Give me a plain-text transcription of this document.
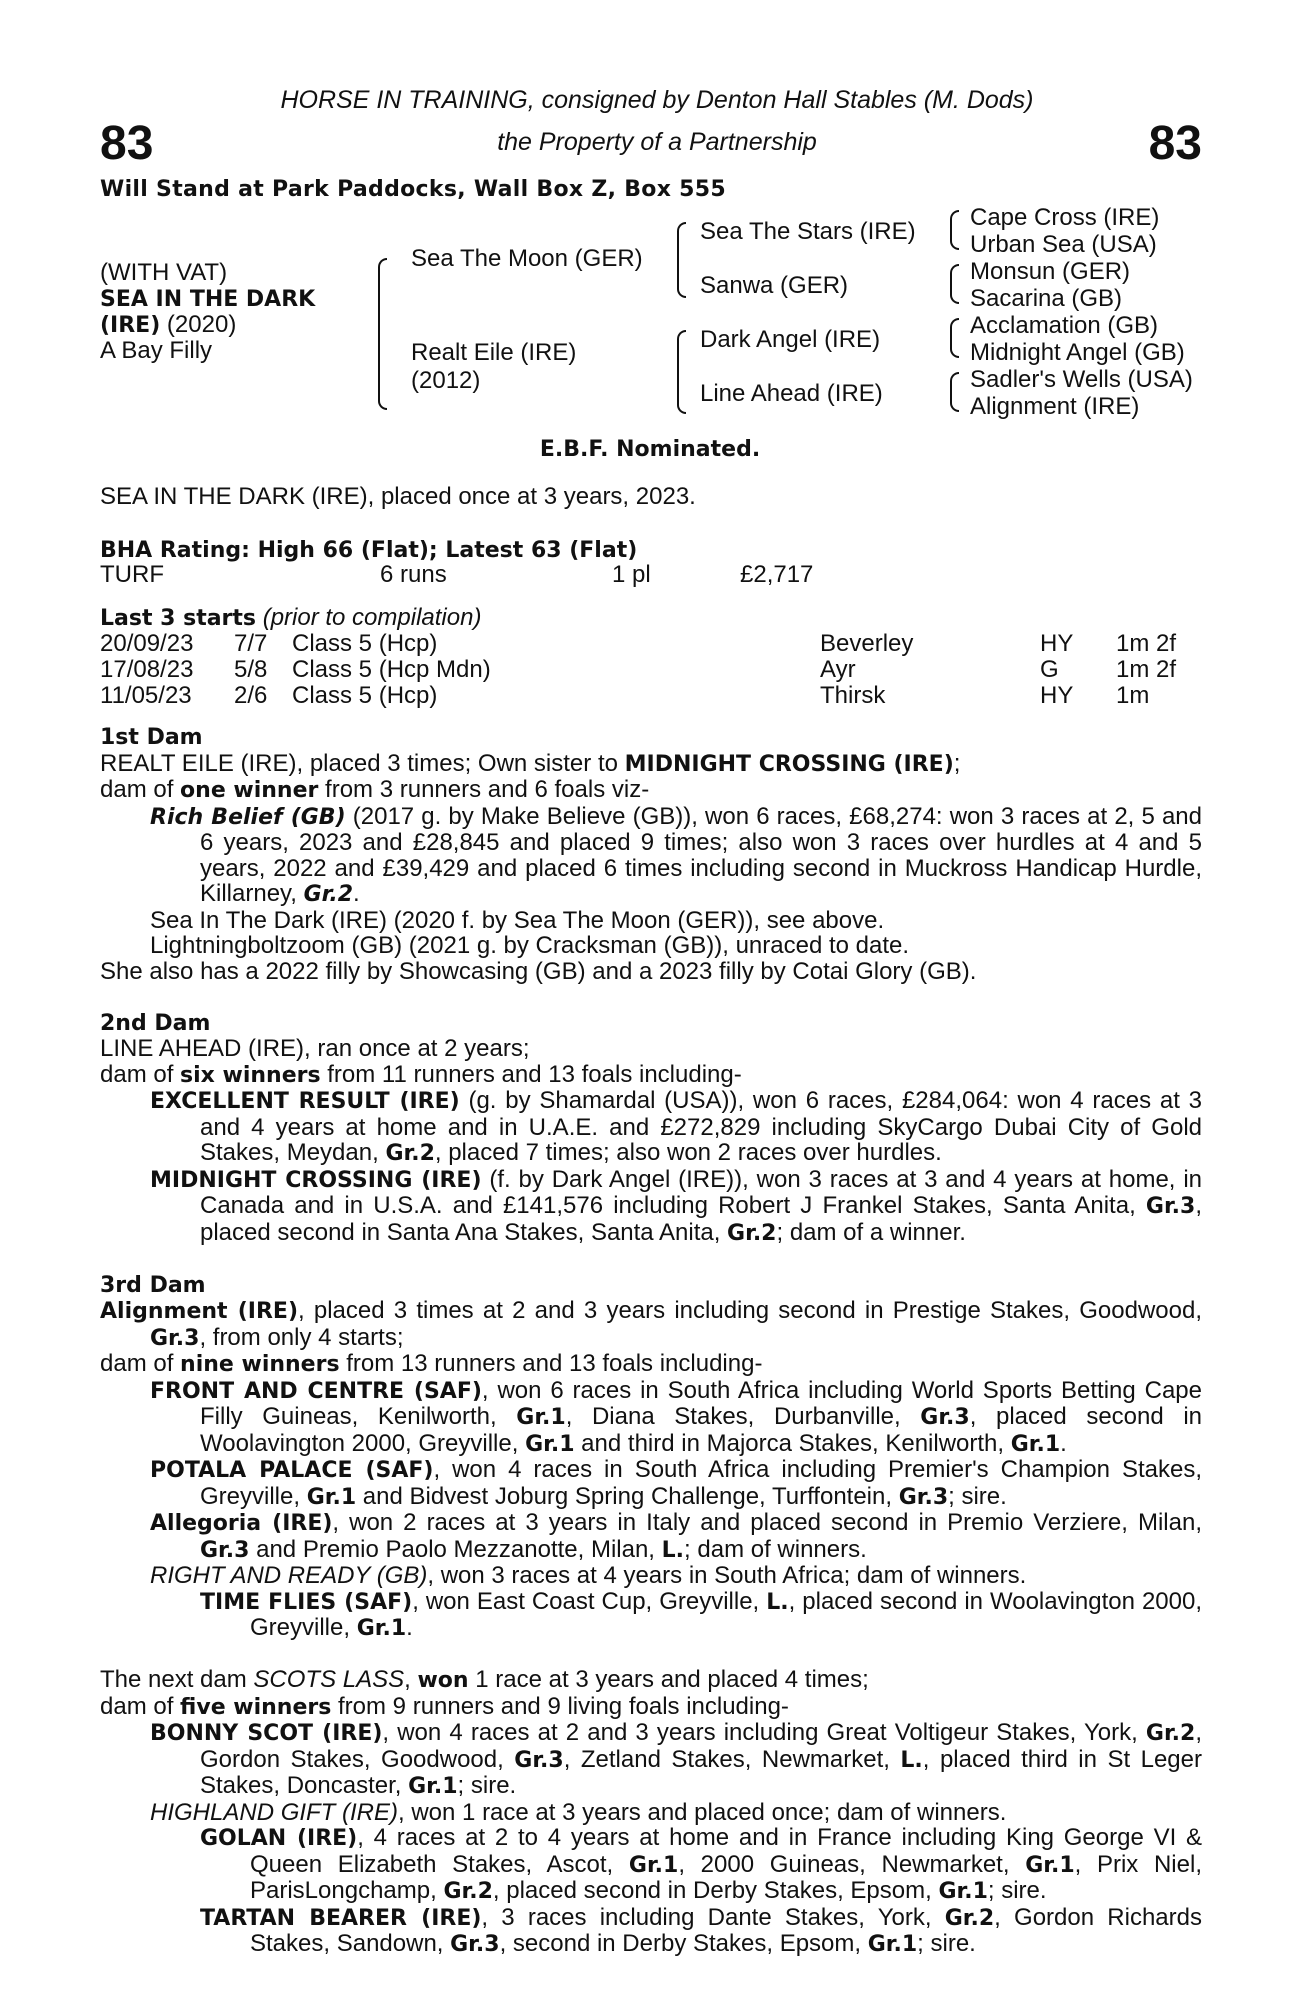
83	83
HORSE IN TRAINING, consigned by Denton Hall Stables (M. Dods)
the Property of a Partnership
Will Stand at Park Paddocks, Wall Box Z, Box 555
(WITH VAT)
SEA IN THE DARK
(IRE) (2020)
A Bay Filly
Sea The Moon (GER)
Realt Eile (IRE)
(2012)
Sea The Stars (IRE)
Sanwa (GER)
Dark Angel (IRE)
Line Ahead (IRE)
Cape Cross (IRE)
Urban Sea (USA)
Monsun (GER)
Sacarina (GB)
Acclamation (GB)
Midnight Angel (GB)
Sadler's Wells (USA)
Alignment (IRE)
E.B.F. Nominated.
SEA IN THE DARK (IRE), placed once at 3 years, 2023.
BHA Rating: High 66 (Flat); Latest 63 (Flat)
TURF	6 runs	1 pl	£2,717
Last 3 starts (prior to compilation)
20/09/23 7/7 Class 5 (Hcp)	Beverley	HY 1m 2f
17/08/23 5/8 Class 5 (Hcp Mdn)	Ayr	G 1m 2f
11/05/23 2/6 Class 5 (Hcp)	Thirsk	HY 1m
1st Dam
REALT EILE (IRE), placed 3 times; Own sister to MIDNIGHT CROSSING (IRE);
dam of one winner from 3 runners and 6 foals viz-
Rich Belief (GB) (2017 g. by Make Believe (GB)), won 6 races, £68,274: won 3 races at 2, 5 and 6 years, 2023 and £28,845 and placed 9 times; also won 3 races over hurdles at 4 and 5 years, 2022 and £39,429 and placed 6 times including second in Muckross Handicap Hurdle, Killarney, Gr.2.
Sea In The Dark (IRE) (2020 f. by Sea The Moon (GER)), see above.
Lightningboltzoom (GB) (2021 g. by Cracksman (GB)), unraced to date.
She also has a 2022 filly by Showcasing (GB) and a 2023 filly by Cotai Glory (GB).
2nd Dam
LINE AHEAD (IRE), ran once at 2 years;
dam of six winners from 11 runners and 13 foals including-
EXCELLENT RESULT (IRE) (g. by Shamardal (USA)), won 6 races, £284,064: won 4 races at 3 and 4 years at home and in U.A.E. and £272,829 including SkyCargo Dubai City of Gold Stakes, Meydan, Gr.2, placed 7 times; also won 2 races over hurdles.
MIDNIGHT CROSSING (IRE) (f. by Dark Angel (IRE)), won 3 races at 3 and 4 years at home, in Canada and in U.S.A. and £141,576 including Robert J Frankel Stakes, Santa Anita, Gr.3, placed second in Santa Ana Stakes, Santa Anita, Gr.2; dam of a winner.
3rd Dam
Alignment (IRE), placed 3 times at 2 and 3 years including second in Prestige Stakes, Goodwood, Gr.3, from only 4 starts;
dam of nine winners from 13 runners and 13 foals including-
FRONT AND CENTRE (SAF), won 6 races in South Africa including World Sports Betting Cape Filly Guineas, Kenilworth, Gr.1, Diana Stakes, Durbanville, Gr.3, placed second in Woolavington 2000, Greyville, Gr.1 and third in Majorca Stakes, Kenilworth, Gr.1.
POTALA PALACE (SAF), won 4 races in South Africa including Premier's Champion Stakes, Greyville, Gr.1 and Bidvest Joburg Spring Challenge, Turffontein, Gr.3; sire.
Allegoria (IRE), won 2 races at 3 years in Italy and placed second in Premio Verziere, Milan, Gr.3 and Premio Paolo Mezzanotte, Milan, L.; dam of winners.
RIGHT AND READY (GB), won 3 races at 4 years in South Africa; dam of winners.
TIME FLIES (SAF), won East Coast Cup, Greyville, L., placed second in Woolavington 2000, Greyville, Gr.1.
The next dam SCOTS LASS, won 1 race at 3 years and placed 4 times;
dam of five winners from 9 runners and 9 living foals including-
BONNY SCOT (IRE), won 4 races at 2 and 3 years including Great Voltigeur Stakes, York, Gr.2, Gordon Stakes, Goodwood, Gr.3, Zetland Stakes, Newmarket, L., placed third in St Leger Stakes, Doncaster, Gr.1; sire.
HIGHLAND GIFT (IRE), won 1 race at 3 years and placed once; dam of winners.
GOLAN (IRE), 4 races at 2 to 4 years at home and in France including King George VI & Queen Elizabeth Stakes, Ascot, Gr.1, 2000 Guineas, Newmarket, Gr.1, Prix Niel, ParisLongchamp, Gr.2, placed second in Derby Stakes, Epsom, Gr.1; sire.
TARTAN BEARER (IRE), 3 races including Dante Stakes, York, Gr.2, Gordon Richards Stakes, Sandown, Gr.3, second in Derby Stakes, Epsom, Gr.1; sire.
